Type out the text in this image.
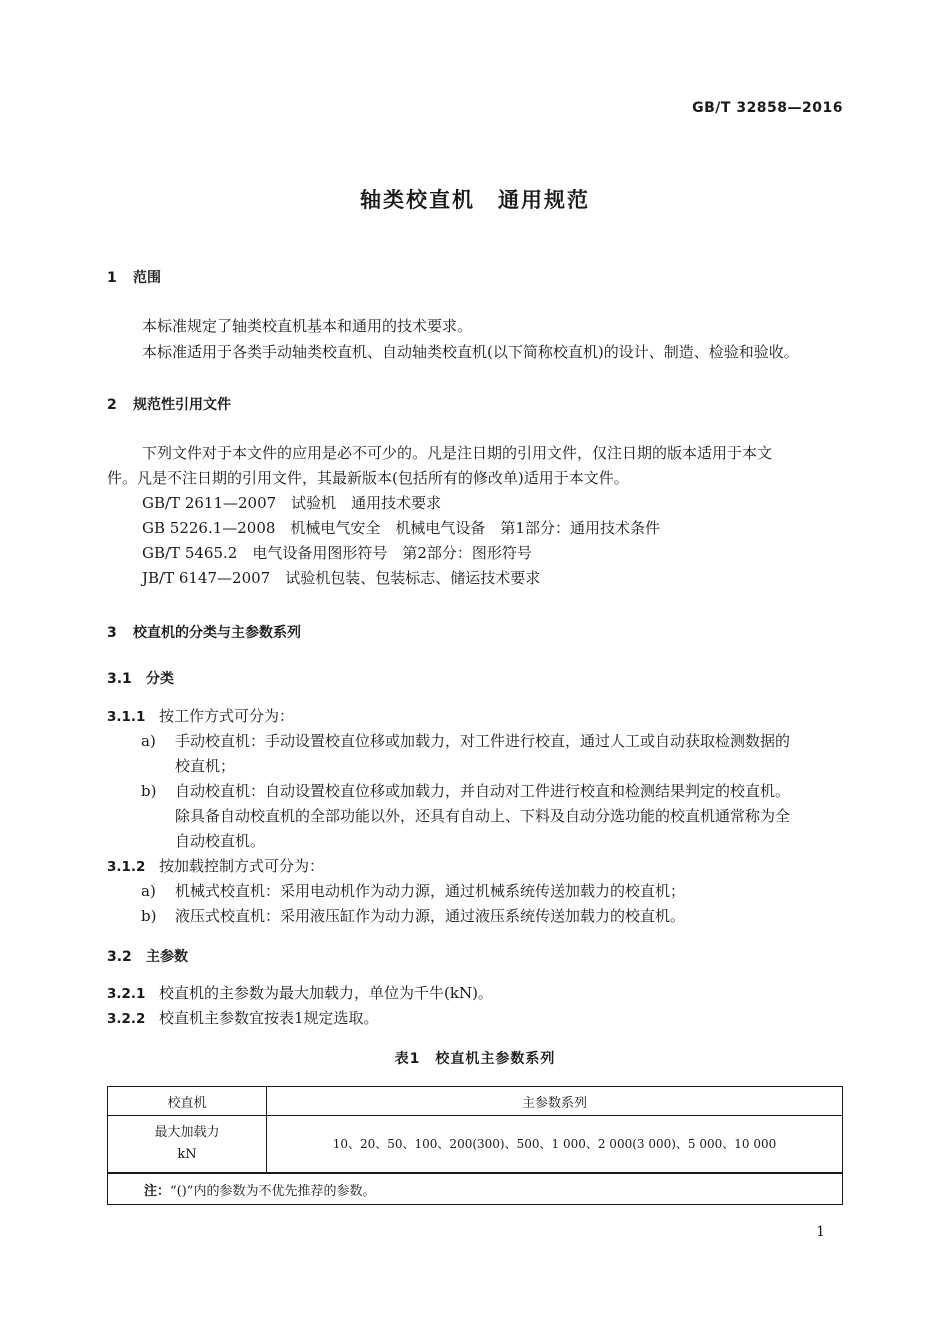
GB/T 32858—2016
轴类校直机　通用规范
1 范围
本标准规定了轴类校直机基本和通用的技术要求。
本标准适用于各类手动轴类校直机、自动轴类校直机(以下简称校直机)的设计、制造、检验和验收。
2 规范性引用文件
下列文件对于本文件的应用是必不可少的。凡是注日期的引用文件，仅注日期的版本适用于本文
件。凡是不注日期的引用文件，其最新版本(包括所有的修改单)适用于本文件。
GB/T 2611—2007　试验机　通用技术要求
GB 5226.1—2008　机械电气安全　机械电气设备　第1部分：通用技术条件
GB/T 5465.2　电气设备用图形符号　第2部分：图形符号
JB/T 6147—2007　试验机包装、包装标志、储运技术要求
3 校直机的分类与主参数系列
3.1 分类
3.1.1 按工作方式可分为：
a) 手动校直机：手动设置校直位移或加载力，对工件进行校直，通过人工或自动获取检测数据的
校直机；
b) 自动校直机：自动设置校直位移或加载力，并自动对工件进行校直和检测结果判定的校直机。
除具备自动校直机的全部功能以外，还具有自动上、下料及自动分选功能的校直机通常称为全
自动校直机。
3.1.2 按加载控制方式可分为：
a) 机械式校直机：采用电动机作为动力源，通过机械系统传送加载力的校直机；
b) 液压式校直机：采用液压缸作为动力源，通过液压系统传送加载力的校直机。
3.2 主参数
3.2.1 校直机的主参数为最大加载力，单位为千牛(kN)。
3.2.2 校直机主参数宜按表1规定选取。
表1　校直机主参数系列
校直机	主参数系列

最大加载力
kN	10、20、50、100、200(300)、500、1 000、2 000(3 000)、5 000、10 000
注：“()”内的参数为不优先推荐的参数。	
1
